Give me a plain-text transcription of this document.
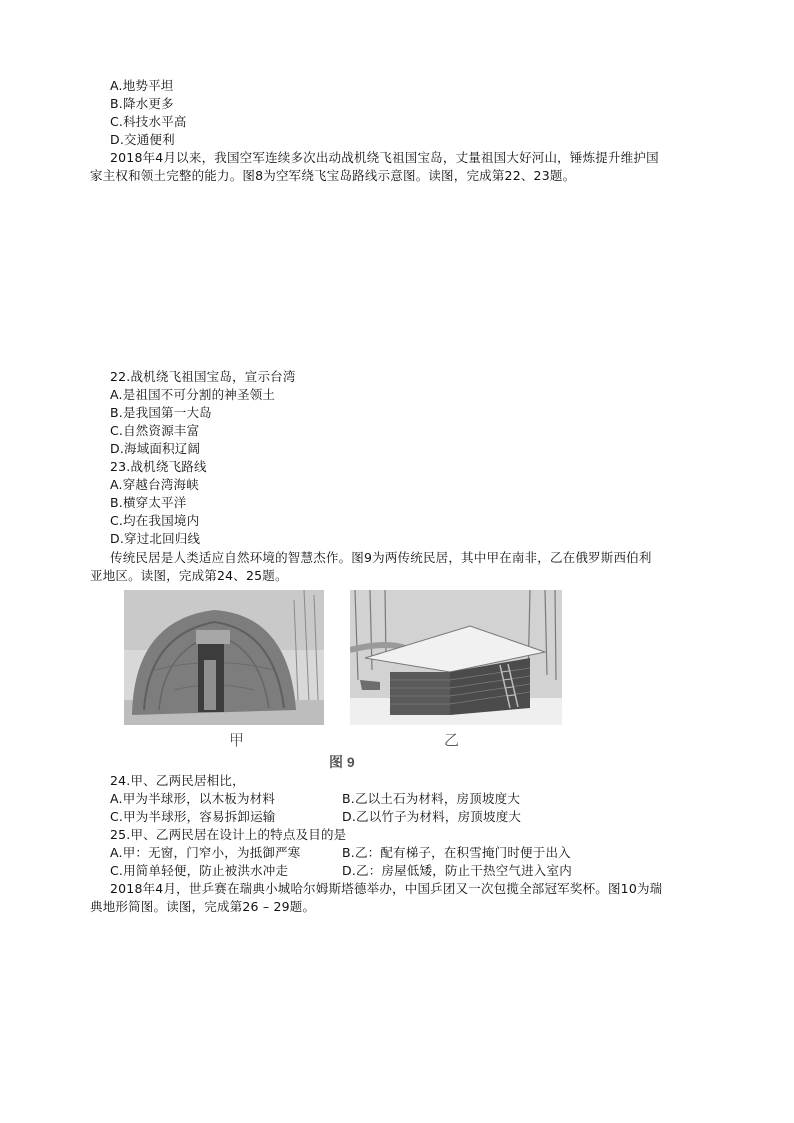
A.地势平坦
B.降水更多
C.科技水平高
D.交通便利
2018年4月以来，我国空军连续多次出动战机绕飞祖国宝岛，丈量祖国大好河山，锤炼提升维护国
家主权和领土完整的能力。图8为空军绕飞宝岛路线示意图。读图，完成第22、23题。
22.战机绕飞祖国宝岛，宣示台湾
A.是祖国不可分割的神圣领土
B.是我国第一大岛
C.自然资源丰富
D.海域面积辽阔
23.战机绕飞路线
A.穿越台湾海峡
B.横穿太平洋
C.均在我国境内
D.穿过北回归线
传统民居是人类适应自然环境的智慧杰作。图9为两传统民居，其中甲在南非，乙在俄罗斯西伯利
亚地区。读图，完成第24、25题。
甲	乙
图 9
24.甲、乙两民居相比，
A.甲为半球形，以木板为材料	B.乙以土石为材料，房顶坡度大
C.甲为半球形，容易拆卸运输	D.乙以竹子为材料，房顶坡度大
25.甲、乙两民居在设计上的特点及目的是
A.甲：无窗，门窄小，为抵御严寒	B.乙：配有梯子，在积雪掩门时便于出入
C.用简单轻便，防止被洪水冲走	D.乙：房屋低矮，防止干热空气进入室内
2018年4月，世乒赛在瑞典小城哈尔姆斯塔德举办，中国乒团又一次包揽全部冠军奖杯。图10为瑞
典地形简图。读图，完成第26 – 29题。
